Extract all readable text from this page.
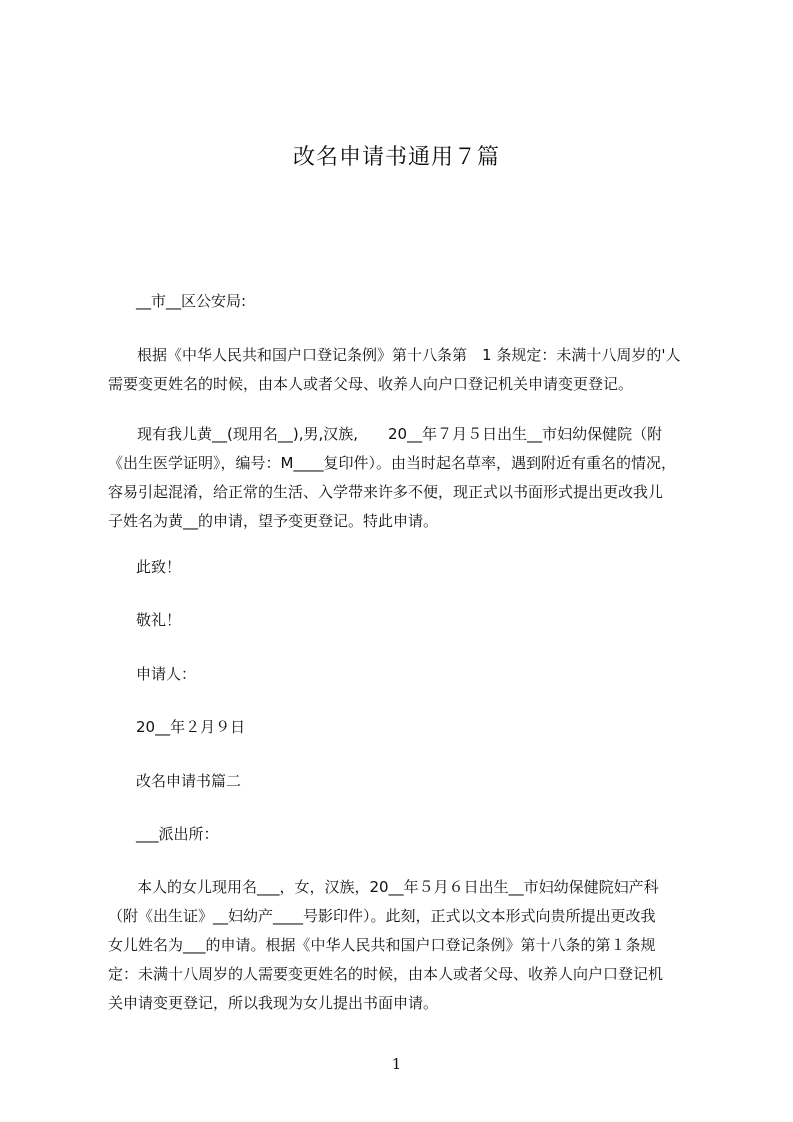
改名申请书通用７篇
__市__区公安局:
　根据《中华人民共和国户口登记条例》第十八条第　1 条规定：未满十八周岁的'人
需要变更姓名的时候，由本人或者父母、收养人向户口登记机关申请变更登记。
　现有我儿黄__(现用名__),男,汉族,　　20__年７月５日出生__市妇幼保健院（附
《出生医学证明》，编号：M____复印件）。由当时起名草率，遇到附近有重名的情况，
容易引起混淆，给正常的生活、入学带来许多不便，现正式以书面形式提出更改我儿
子姓名为黄__的申请，望予变更登记。特此申请。
此致！
敬礼！
申请人：
20__年２月９日
改名申请书篇二
___派出所：
　本人的女儿现用名___，女，汉族，20__年５月６日出生__市妇幼保健院妇产科
（附《出生证》__妇幼产____号影印件）。此刻，正式以文本形式向贵所提出更改我
女儿姓名为___的申请。根据《中华人民共和国户口登记条例》第十八条的第１条规
定：未满十八周岁的人需要变更姓名的时候，由本人或者父母、收养人向户口登记机
关申请变更登记，所以我现为女儿提出书面申请。
1
